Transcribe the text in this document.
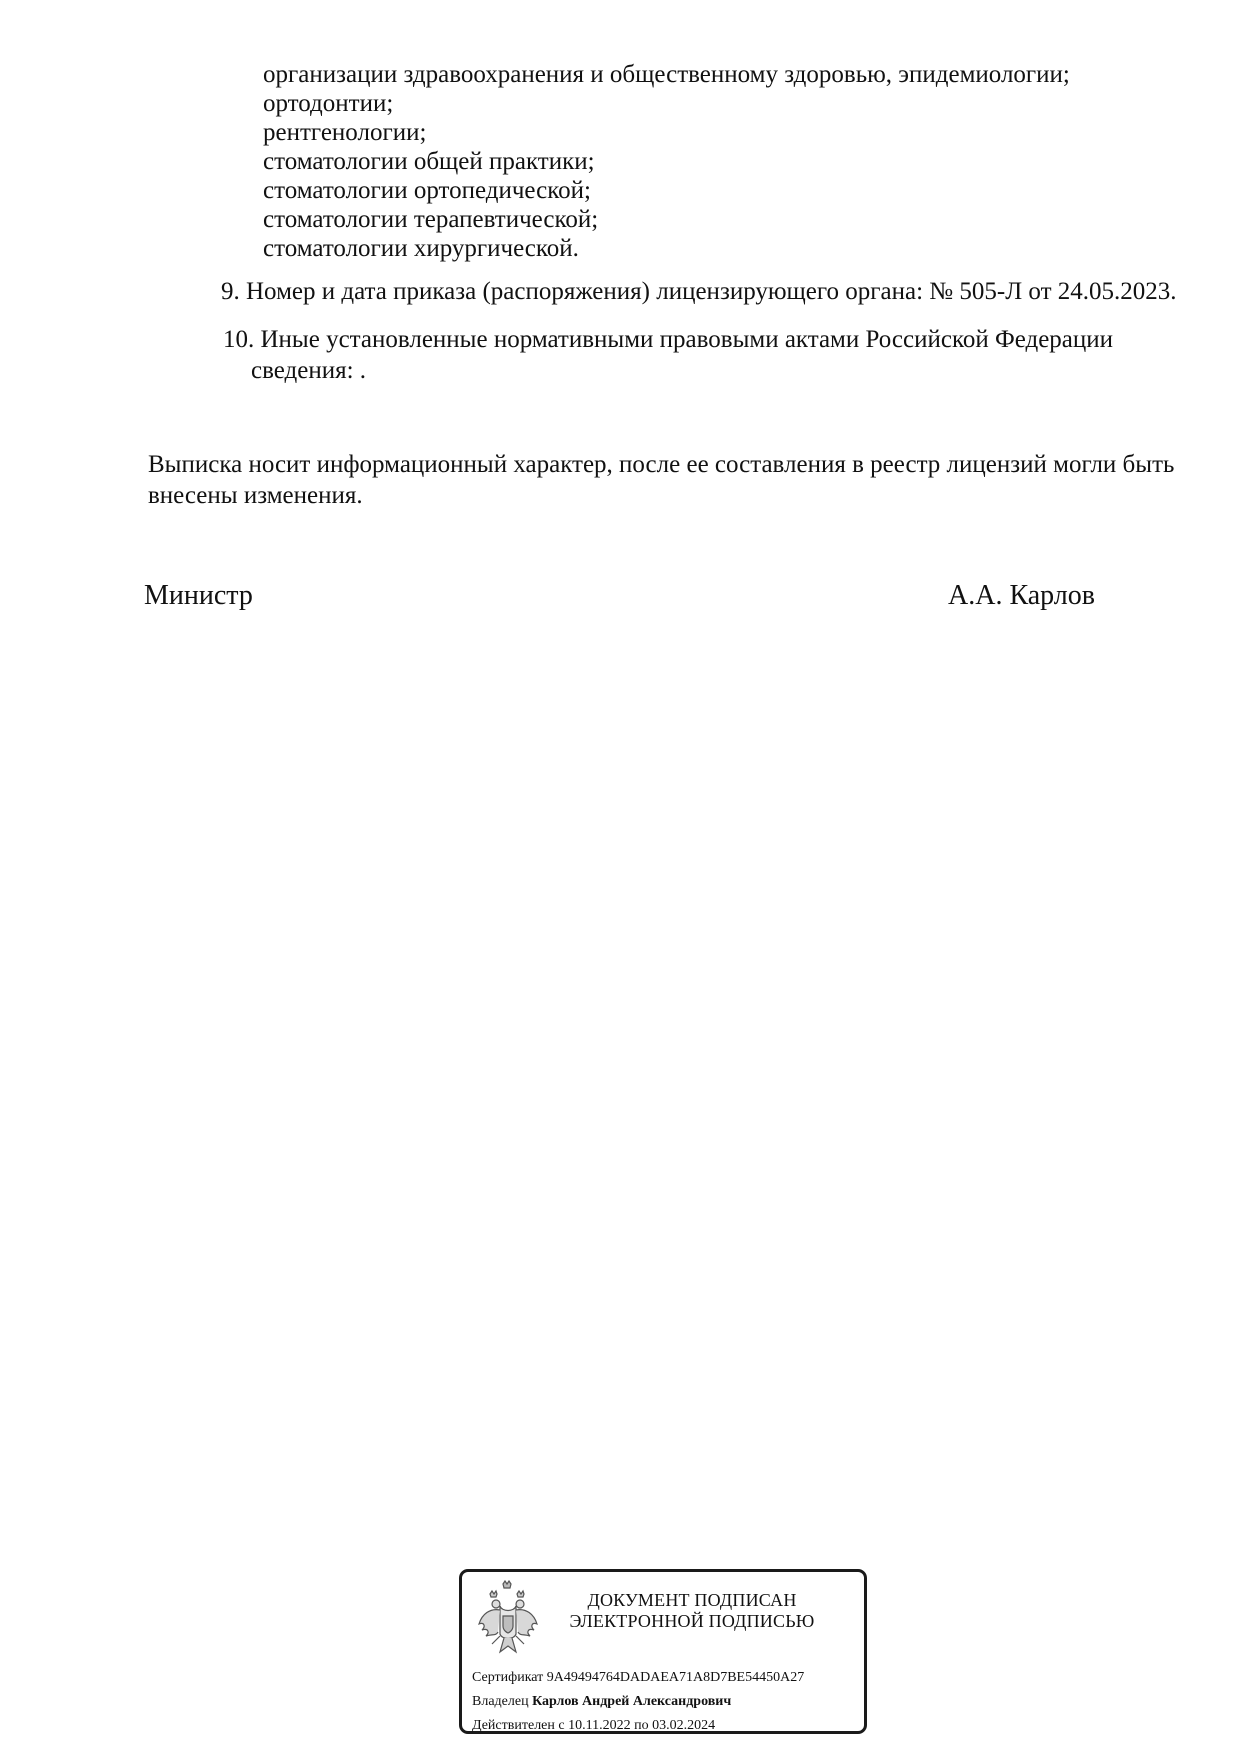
организации здравоохранения и общественному здоровью, эпидемиологии;
ортодонтии;
рентгенологии;
стоматологии общей практики;
стоматологии ортопедической;
стоматологии терапевтической;
стоматологии хирургической.
9. Номер и дата приказа (распоряжения) лицензирующего органа: № 505-Л от 24.05.2023.
10. Иные установленные нормативными правовыми актами Российской Федерации
сведения: .
Выписка носит информационный характер, после ее составления в реестр лицензий могли быть
внесены изменения.
Министр	А.А. Карлов
ДОКУМЕНТ ПОДПИСАН
ЭЛЕКТРОННОЙ ПОДПИСЬЮ
Сертификат 9A49494764DADAEA71A8D7BE54450A27
Владелец Карлов Андрей Александрович
Действителен с 10.11.2022 по 03.02.2024
